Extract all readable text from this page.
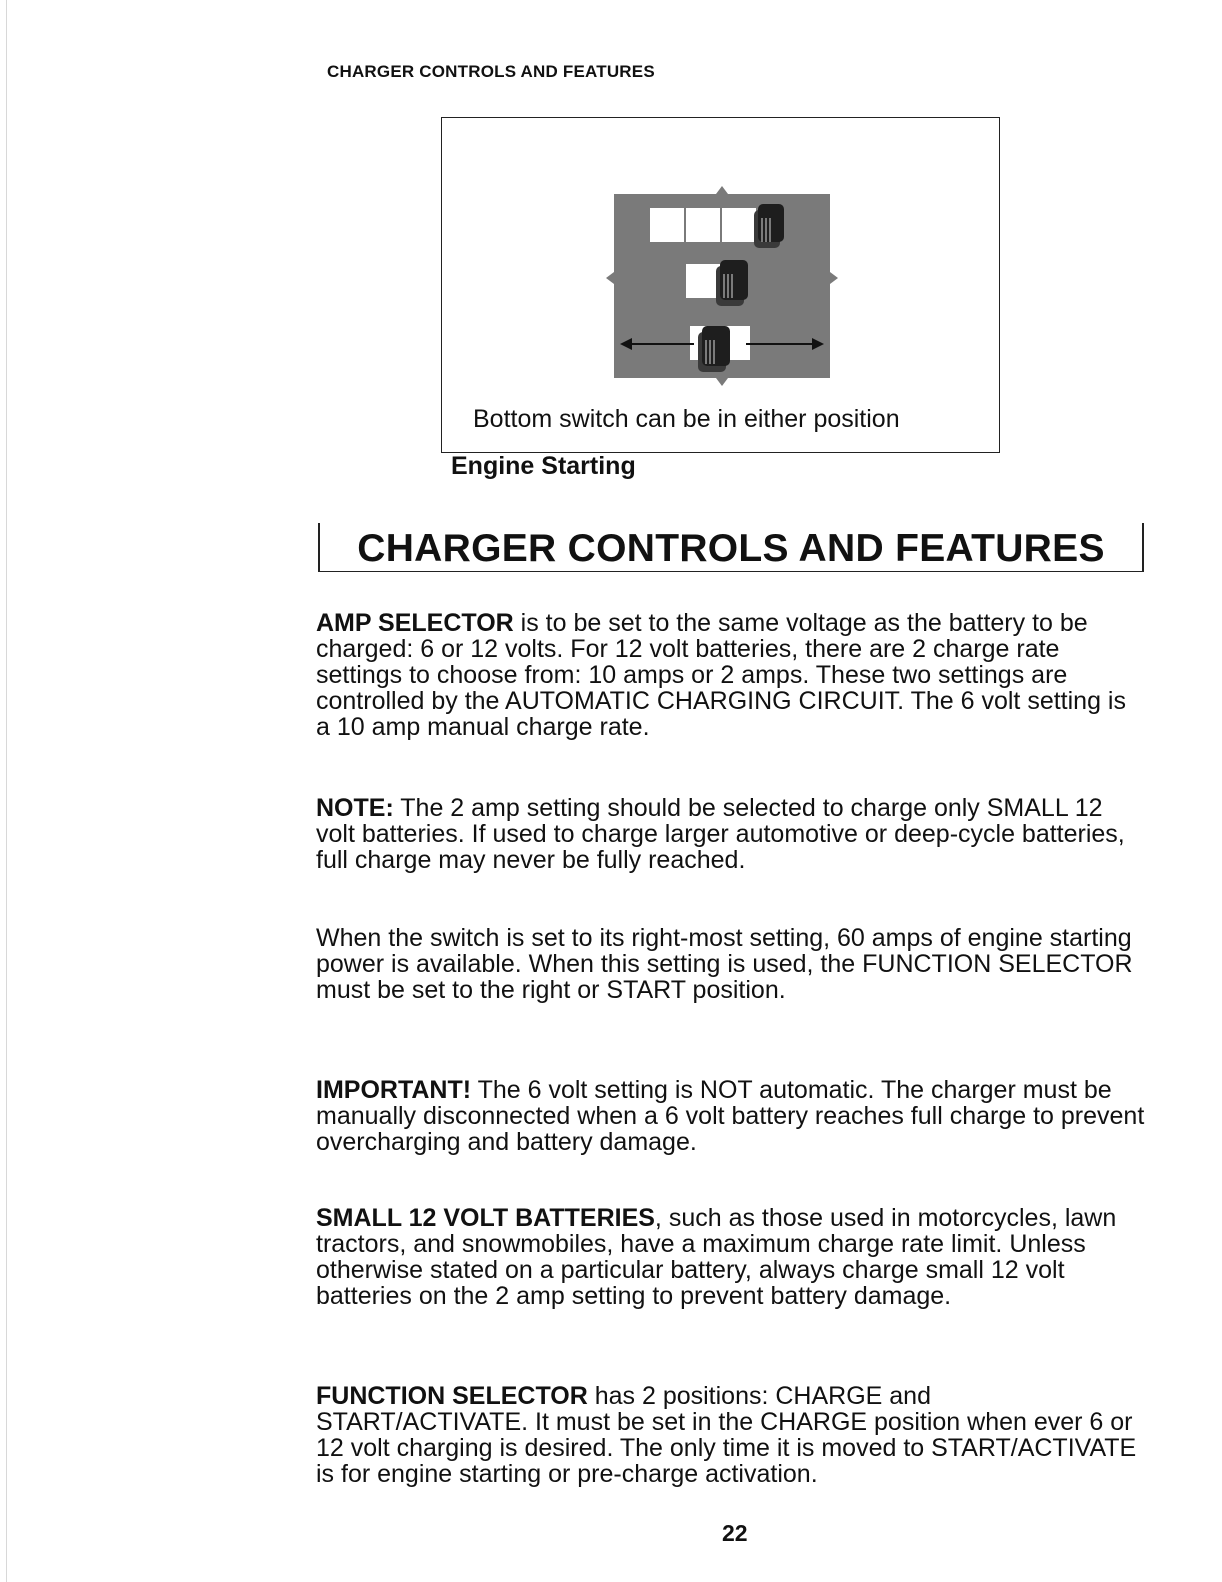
CHARGER CONTROLS AND FEATURES
Bottom switch can be in either position
Engine Starting
CHARGER CONTROLS AND FEATURES

AMP SELECTOR is to be set to the same voltage as the battery to be charged: 6 or 12 volts. For 12 volt batteries, there are 2 charge rate settings to choose from: 10 amps or 2 amps. These two settings are controlled by the AUTOMATIC CHARGING CIRCUIT. The 6 volt setting is a 10 amp manual charge rate.

NOTE: The 2 amp setting should be selected to charge only SMALL 12 volt batteries. If used to charge larger automotive or deep-cycle batteries, full charge may never be fully reached.

When the switch is set to its right-most setting, 60 amps of engine starting power is available. When this setting is used, the FUNCTION SELECTOR must be set to the right or START position.

IMPORTANT! The 6 volt setting is NOT automatic. The charger must be manually disconnected when a 6 volt battery reaches full charge to prevent overcharging and battery damage.

SMALL 12 VOLT BATTERIES, such as those used in motorcycles, lawn tractors, and snowmobiles, have a maximum charge rate limit. Unless otherwise stated on a particular battery, always charge small 12 volt batteries on the 2 amp setting to prevent battery damage.

FUNCTION SELECTOR has 2 positions: CHARGE and START/ACTIVATE. It must be set in the CHARGE position when ever 6 or 12 volt charging is desired. The only time it is moved to START/ACTIVATE is for engine starting or pre-charge activation.

22
